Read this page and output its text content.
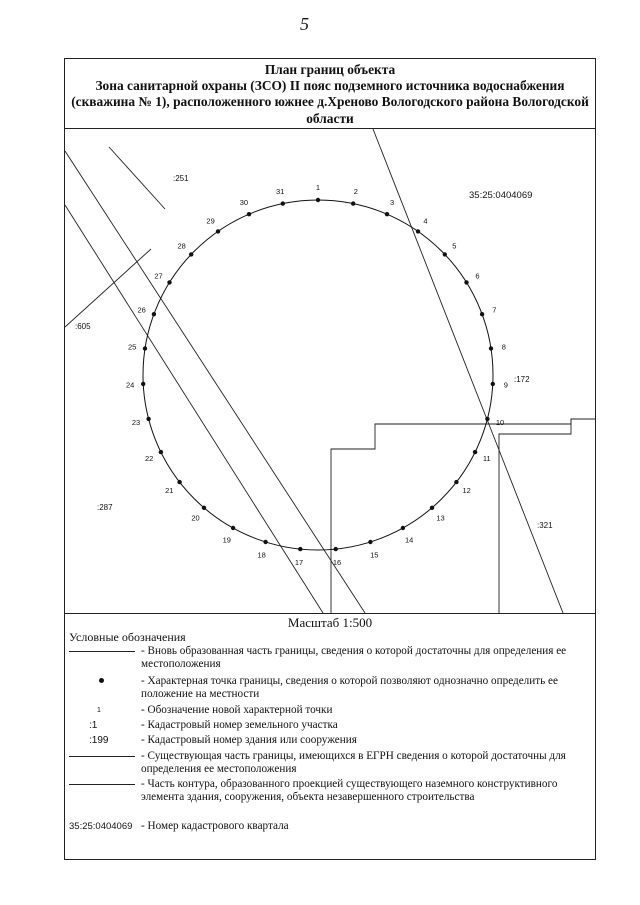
5
План границ объекта
Зона санитарной охраны (ЗСО) II пояс подземного источника водоснабжения (скважина № 1), расположенного южнее д.Хреново Вологодского района Вологодской области
1	2
3
4
5
6
7
8
9
10
11
12
13
14
15
16
17
18
19
20
21
22
23
24
25
26
27
28
29
30
31
:251
:605
:172
:287
:321
35:25:0404069
Масштаб 1:500
Условные обозначения
- Вновь образованная часть границы, сведения о которой достаточны для определения ее местоположения
- Характерная точка границы, сведения о которой позволяют однозначно определить ее положение на местности
1	- Обозначение новой характерной точки
:1	- Кадастровый номер земельного участка
:199	- Кадастровый номер здания или сооружения
- Существующая часть границы, имеющихся в ЕГРН сведения о которой достаточны для определения ее местоположения
- Часть контура, образованного проекцией существующего наземного конструктивного элемента здания, сооружения, объекта незавершенного строительства
35:25:0404069	- Номер кадастрового квартала
